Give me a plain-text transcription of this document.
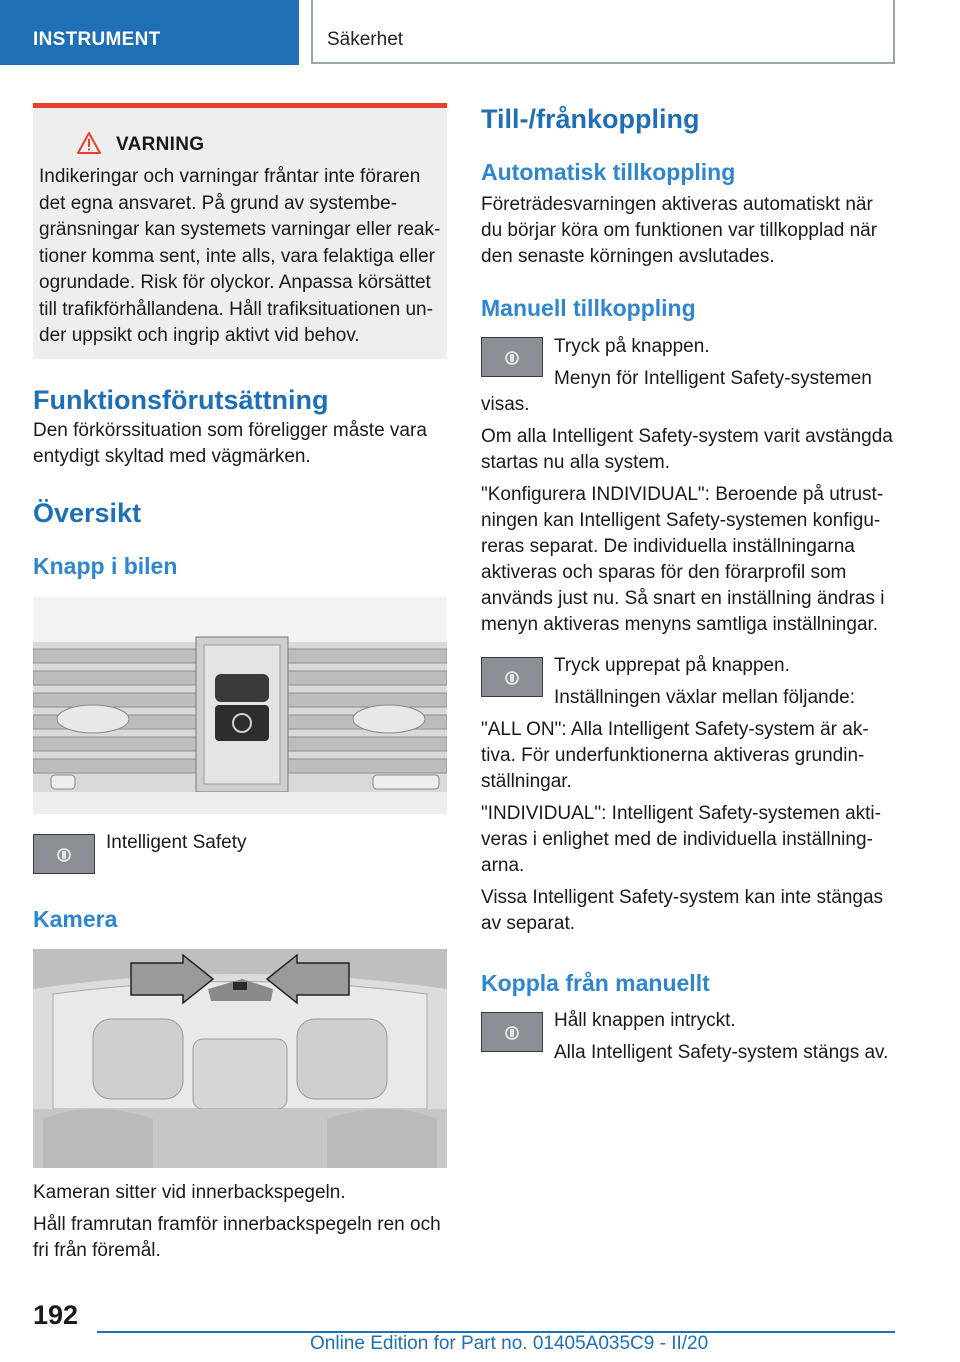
INSTRUMENT	Säkerhet
VARNING
Indikeringar och varningar fråntar inte föraren det egna ansvaret. På grund av systembegränsningar kan systemets varningar eller reaktioner komma sent, inte alls, vara felaktiga eller ogrundade. Risk för olyckor. Anpassa körsättet till trafikförhållandena. Håll trafiksituationen under uppsikt och ingrip aktivt vid behov.
Funktionsförutsättning

Den förkörssituation som föreligger måste vara entydigt skyltad med vägmärken.

Översikt
Knapp i bilen

Intelligent Safety

Kamera

Kameran sitter vid innerbackspegeln.

Håll framrutan framför innerbackspegeln ren och fri från föremål.

Till-/frånkoppling
Automatisk tillkoppling

Företrädesvarningen aktiveras automatiskt när du börjar köra om funktionen var tillkopplad när den senaste körningen avslutades.

Manuell tillkoppling

Tryck på knappen.

Menyn för Intelligent Safety-systemen visas.

Om alla Intelligent Safety-system varit avstängda startas nu alla system.

"Konfigurera INDIVIDUAL": Beroende på utrustningen kan Intelligent Safety-systemen konfigureras separat. De individuella inställningarna aktiveras och sparas för den förarprofil som används just nu. Så snart en inställning ändras i menyn aktiveras menyns samtliga inställningar.

Tryck upprepat på knappen.

Inställningen växlar mellan följande:

"ALL ON": Alla Intelligent Safety-system är aktiva. För underfunktionerna aktiveras grundinställningar.

"INDIVIDUAL": Intelligent Safety-systemen aktiveras i enlighet med de individuella inställningarna.

Vissa Intelligent Safety-system kan inte stängas av separat.

Koppla från manuellt

Håll knappen intryckt.

Alla Intelligent Safety-system stängs av.

192
Online Edition for Part no. 01405A035C9 - II/20
